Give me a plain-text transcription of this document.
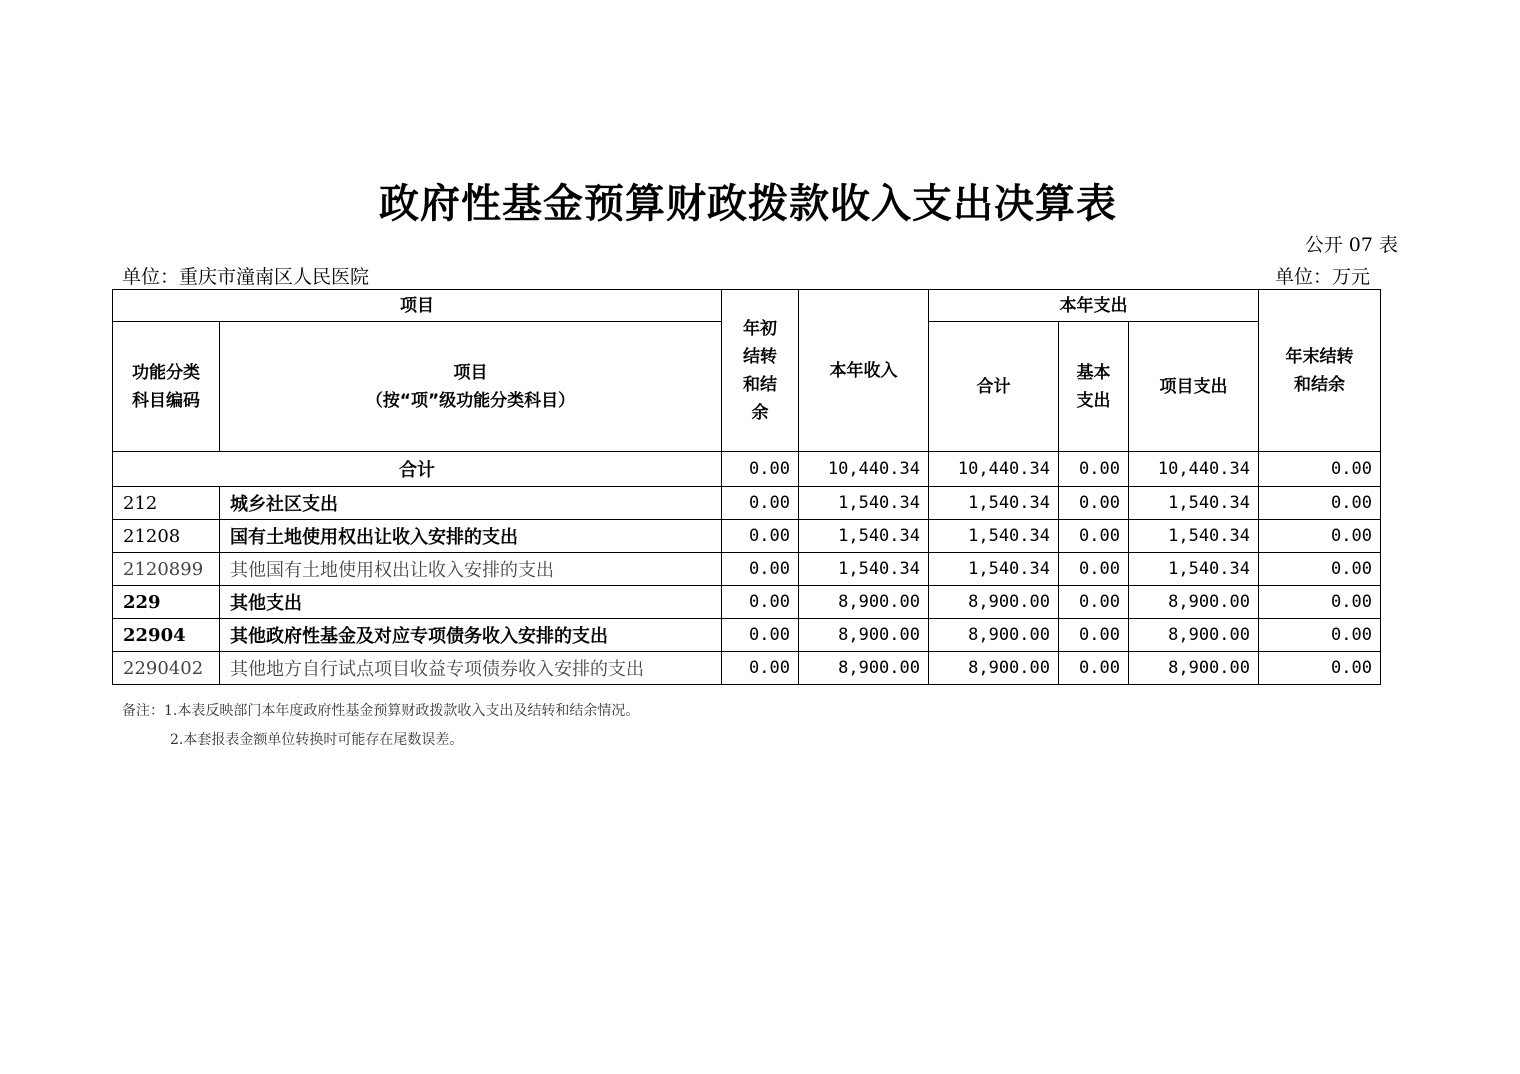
政府性基金预算财政拨款收入支出决算表
公开 07 表
单位：重庆市潼南区人民医院	单位：万元
项目		年初结转和结余	本年收入	本年支出			年末结转和结余

功能分类科目编码	项目
（按“项”级功能分类科目）			合计	基本支出	项目支出	
合计		0.00	10,440.34	10,440.34	0.00	10,440.34	0.00
212	城乡社区支出	0.00	1,540.34	1,540.34	0.00	1,540.34	0.00
21208	国有土地使用权出让收入安排的支出	0.00	1,540.34	1,540.34	0.00	1,540.34	0.00
2120899	其他国有土地使用权出让收入安排的支出	0.00	1,540.34	1,540.34	0.00	1,540.34	0.00
229	其他支出	0.00	8,900.00	8,900.00	0.00	8,900.00	0.00
22904	其他政府性基金及对应专项债务收入安排的支出	0.00	8,900.00	8,900.00	0.00	8,900.00	0.00
2290402	其他地方自行试点项目收益专项债券收入安排的支出	0.00	8,900.00	8,900.00	0.00	8,900.00	0.00
备注：1.本表反映部门本年度政府性基金预算财政拨款收入支出及结转和结余情况。
2.本套报表金额单位转换时可能存在尾数误差。
